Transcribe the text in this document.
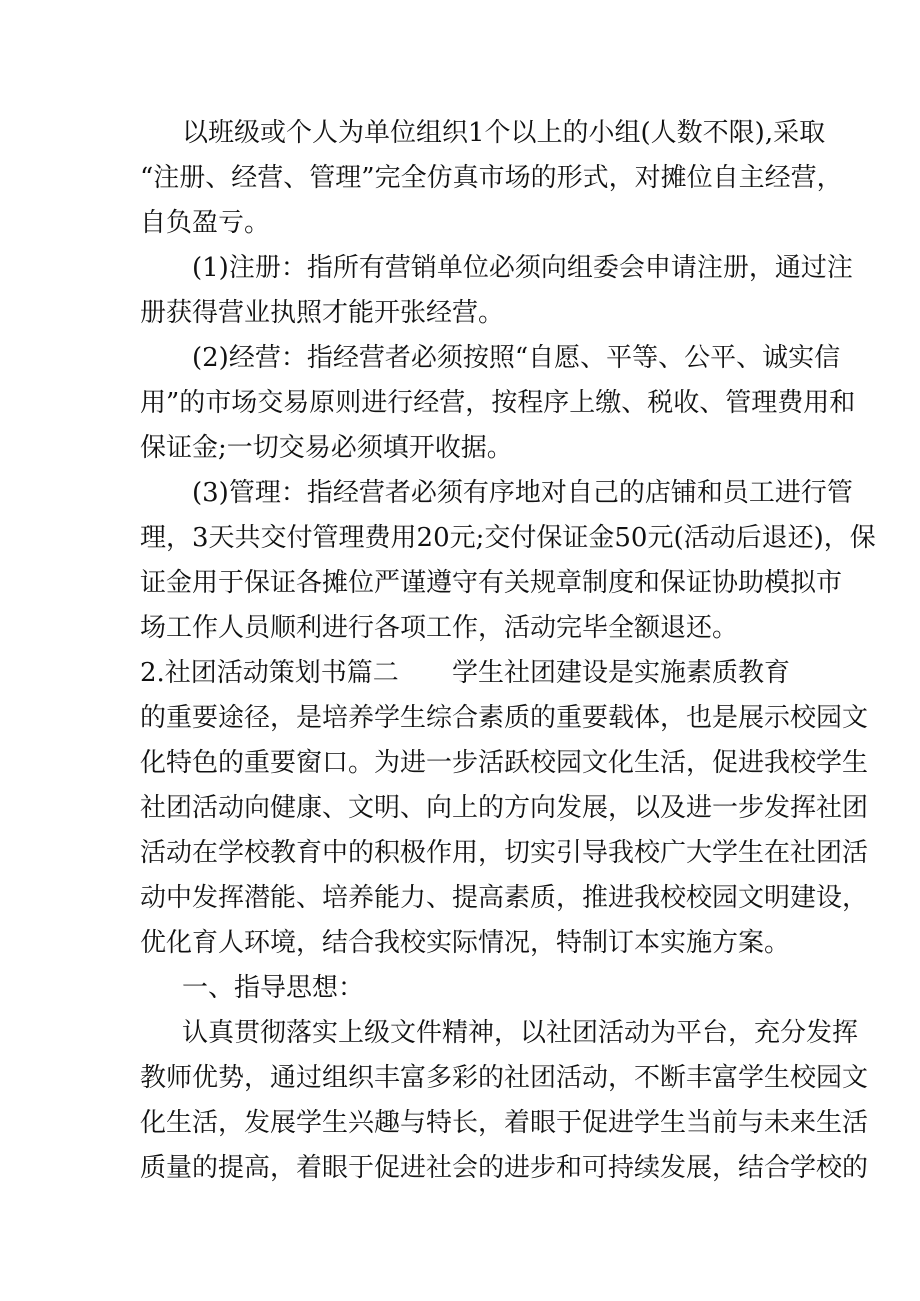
以班级或个人为单位组织1个以上的小组(人数不限),采取
“注册、经营、管理”完全仿真市场的形式，对摊位自主经营，
自负盈亏。
(1)注册：指所有营销单位必须向组委会申请注册，通过注
册获得营业执照才能开张经营。
(2)经营：指经营者必须按照“自愿、平等、公平、诚实信
用”的市场交易原则进行经营，按程序上缴、税收、管理费用和
保证金;一切交易必须填开收据。
(3)管理：指经营者必须有序地对自己的店铺和员工进行管
理，3天共交付管理费用20元;交付保证金50元(活动后退还)，保
证金用于保证各摊位严谨遵守有关规章制度和保证协助模拟市
场工作人员顺利进行各项工作，活动完毕全额退还。
2.社团活动策划书篇二 学生社团建设是实施素质教育
的重要途径，是培养学生综合素质的重要载体，也是展示校园文
化特色的重要窗口。为进一步活跃校园文化生活，促进我校学生
社团活动向健康、文明、向上的方向发展，以及进一步发挥社团
活动在学校教育中的积极作用，切实引导我校广大学生在社团活
动中发挥潜能、培养能力、提高素质，推进我校校园文明建设，
优化育人环境，结合我校实际情况，特制订本实施方案。
一、指导思想：
认真贯彻落实上级文件精神，以社团活动为平台，充分发挥
教师优势，通过组织丰富多彩的社团活动，不断丰富学生校园文
化生活，发展学生兴趣与特长，着眼于促进学生当前与未来生活
质量的提高，着眼于促进社会的进步和可持续发展，结合学校的
